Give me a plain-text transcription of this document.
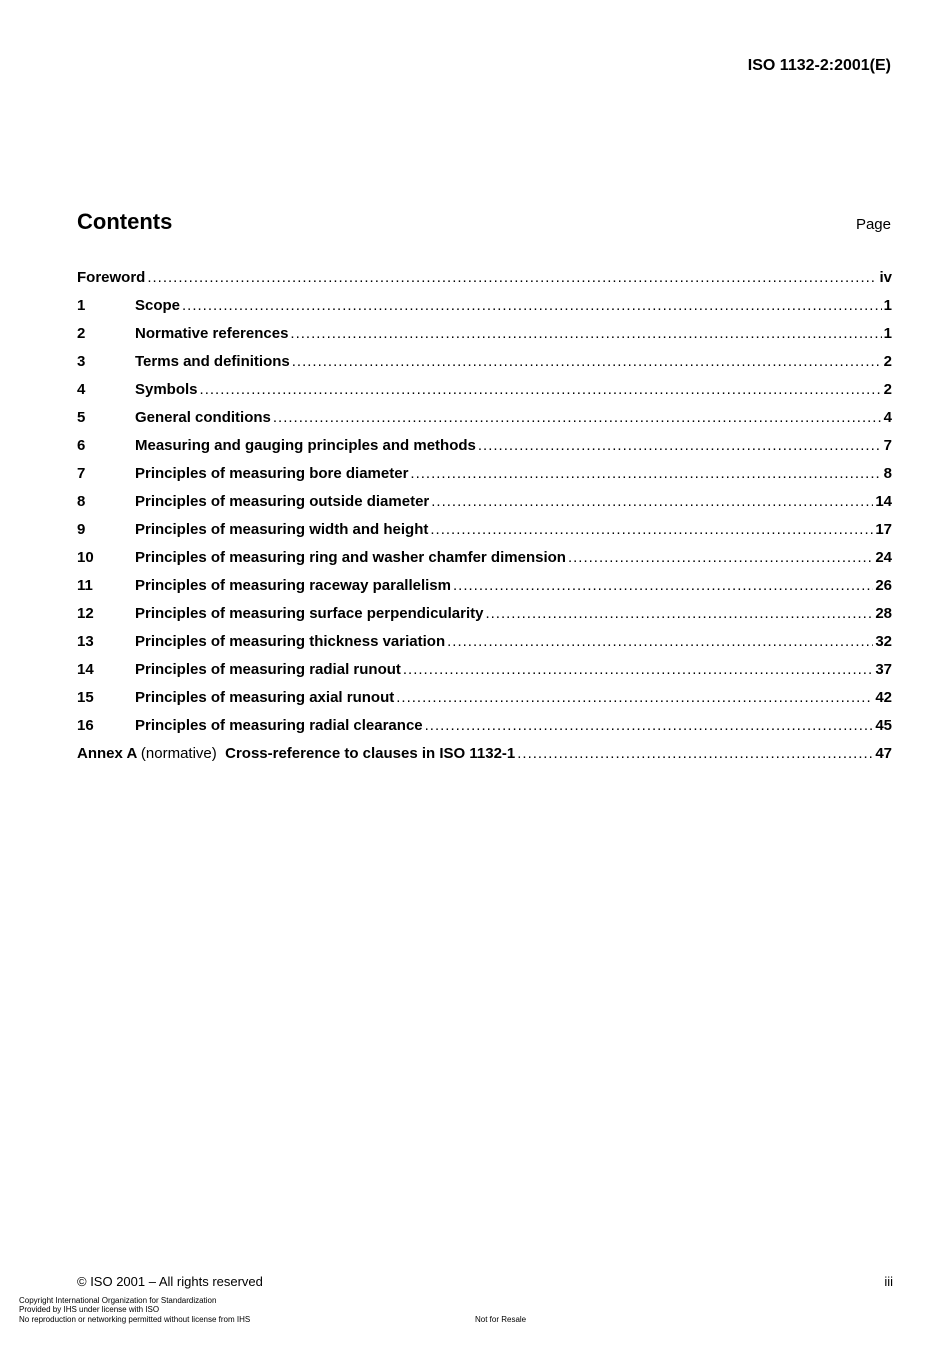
ISO 1132-2:2001(E)
Contents	Page
Foreword .....	iv
1	Scope .....	1
2	Normative references .....	1
3	Terms and definitions .....	2
4	Symbols .....	2
5	General conditions .....	4
6	Measuring and gauging principles and methods .....	7
7	Principles of measuring bore diameter .....	8
8	Principles of measuring outside diameter .....	14
9	Principles of measuring width and height .....	17
10	Principles of measuring ring and washer chamfer dimension .....	24
11	Principles of measuring raceway parallelism .....	26
12	Principles of measuring surface perpendicularity .....	28
13	Principles of measuring thickness variation .....	32
14	Principles of measuring radial runout .....	37
15	Principles of measuring axial runout .....	42
16	Principles of measuring radial clearance .....	45
Annex A (normative) Cross-reference to clauses in ISO 1132-1 .....	47
© ISO 2001 – All rights reserved	iii
Copyright International Organization for Standardization
Provided by IHS under license with ISO
No reproduction or networking permitted without license from IHS	Not for Resale
